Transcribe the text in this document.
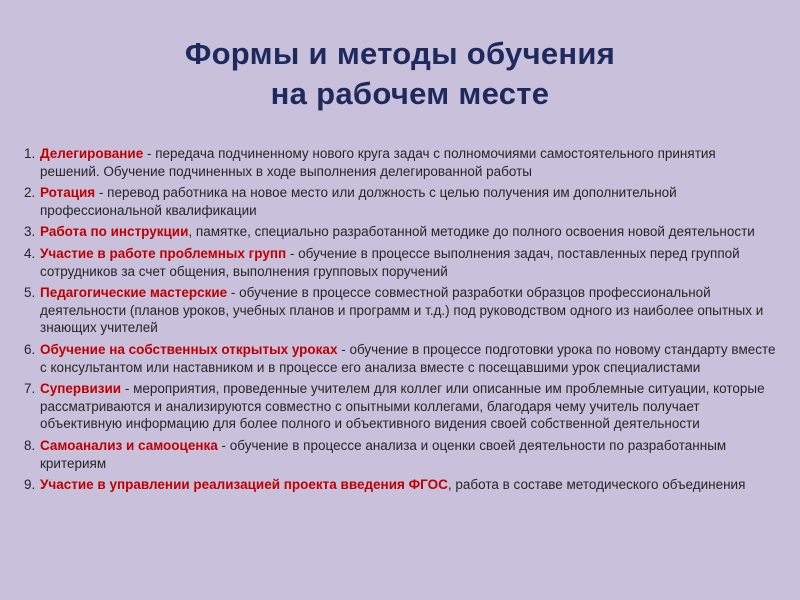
Формы и методы обучения
на рабочем месте
1. Делегирование - передача подчиненному нового круга задач с полномочиями самостоятельного принятия решений. Обучение подчиненных в ходе выполнения делегированной работы
2. Ротация - перевод работника на новое место или должность с целью получения им дополнительной профессиональной квалификации
3. Работа по инструкции, памятке, специально разработанной методике до полного освоения новой деятельности
4. Участие в работе проблемных групп - обучение в процессе выполнения задач, поставленных перед группой сотрудников за счет общения, выполнения групповых поручений
5. Педагогические мастерские - обучение в процессе совместной разработки образцов профессиональной деятельности (планов уроков, учебных планов и программ и т.д.) под руководством одного из наиболее опытных и знающих учителей
6. Обучение на собственных открытых уроках - обучение в процессе подготовки урока по новому стандарту вместе с консультантом или наставником и в процессе его анализа вместе с посещавшими урок специалистами
7. Супервизии - мероприятия, проведенные учителем для коллег или описанные им проблемные ситуации, которые рассматриваются и анализируются совместно с опытными коллегами, благодаря чему учитель получает объективную информацию для более полного и объективного видения своей собственной деятельности
8. Самоанализ и самооценка - обучение в процессе анализа и оценки своей деятельности по разработанным критериям
9. Участие в управлении реализацией проекта введения ФГОС, работа в составе методического объединения
